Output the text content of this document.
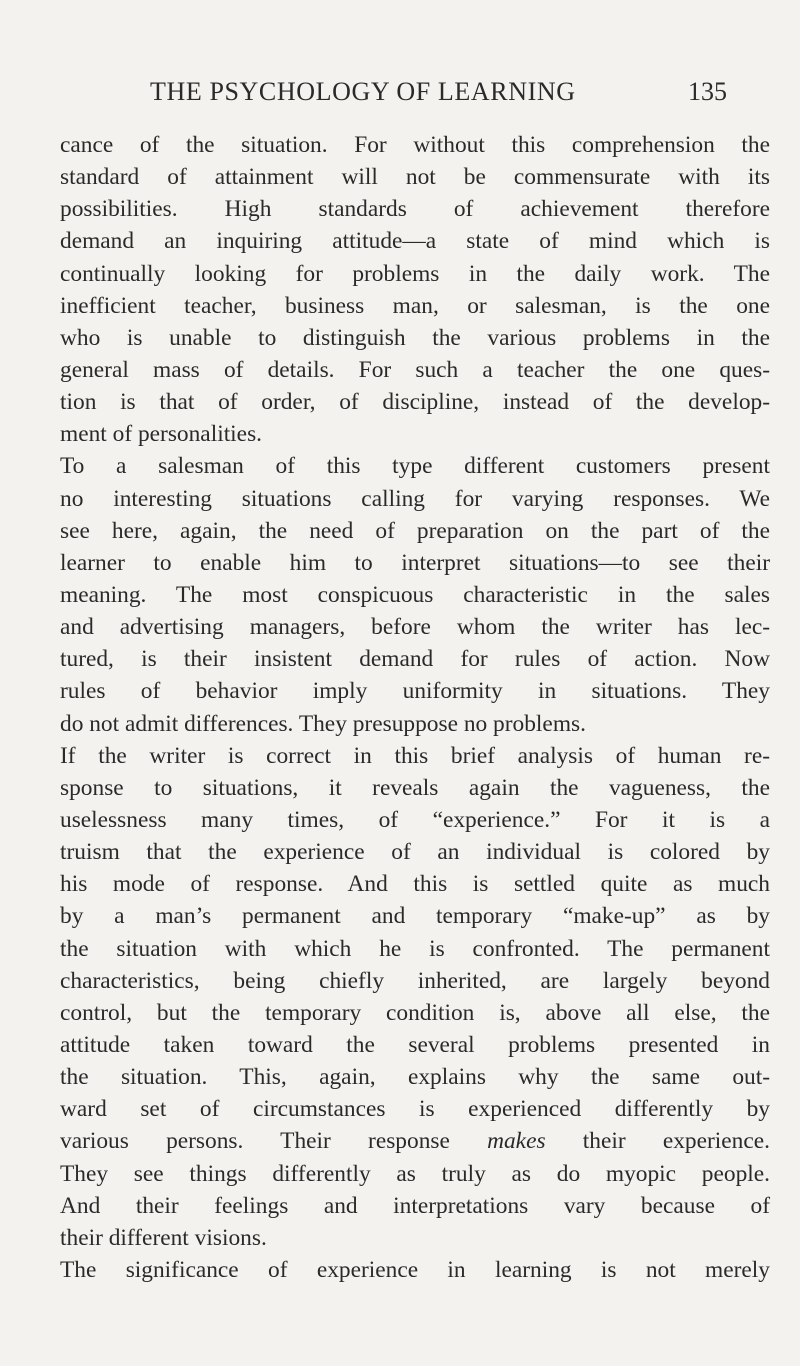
THE PSYCHOLOGY OF LEARNING	135
cance of the situation. For without this comprehension the
standard of attainment will not be commensurate with its
possibilities. High standards of achievement therefore
demand an inquiring attitude—a state of mind which is
continually looking for problems in the daily work. The
inefficient teacher, business man, or salesman, is the one
who is unable to distinguish the various problems in the
general mass of details. For such a teacher the one ques-
tion is that of order, of discipline, instead of the develop-
ment of personalities.
To a salesman of this type different customers present
no interesting situations calling for varying responses. We
see here, again, the need of preparation on the part of the
learner to enable him to interpret situations—to see their
meaning. The most conspicuous characteristic in the sales
and advertising managers, before whom the writer has lec-
tured, is their insistent demand for rules of action. Now
rules of behavior imply uniformity in situations. They
do not admit differences. They presuppose no problems.
If the writer is correct in this brief analysis of human re-
sponse to situations, it reveals again the vagueness, the
uselessness many times, of “experience.” For it is a
truism that the experience of an individual is colored by
his mode of response. And this is settled quite as much
by a man’s permanent and temporary “make-up” as by
the situation with which he is confronted. The permanent
characteristics, being chiefly inherited, are largely beyond
control, but the temporary condition is, above all else, the
attitude taken toward the several problems presented in
the situation. This, again, explains why the same out-
ward set of circumstances is experienced differently by
various persons. Their response makes their experience.
They see things differently as truly as do myopic people.
And their feelings and interpretations vary because of
their different visions.
The significance of experience in learning is not merely
